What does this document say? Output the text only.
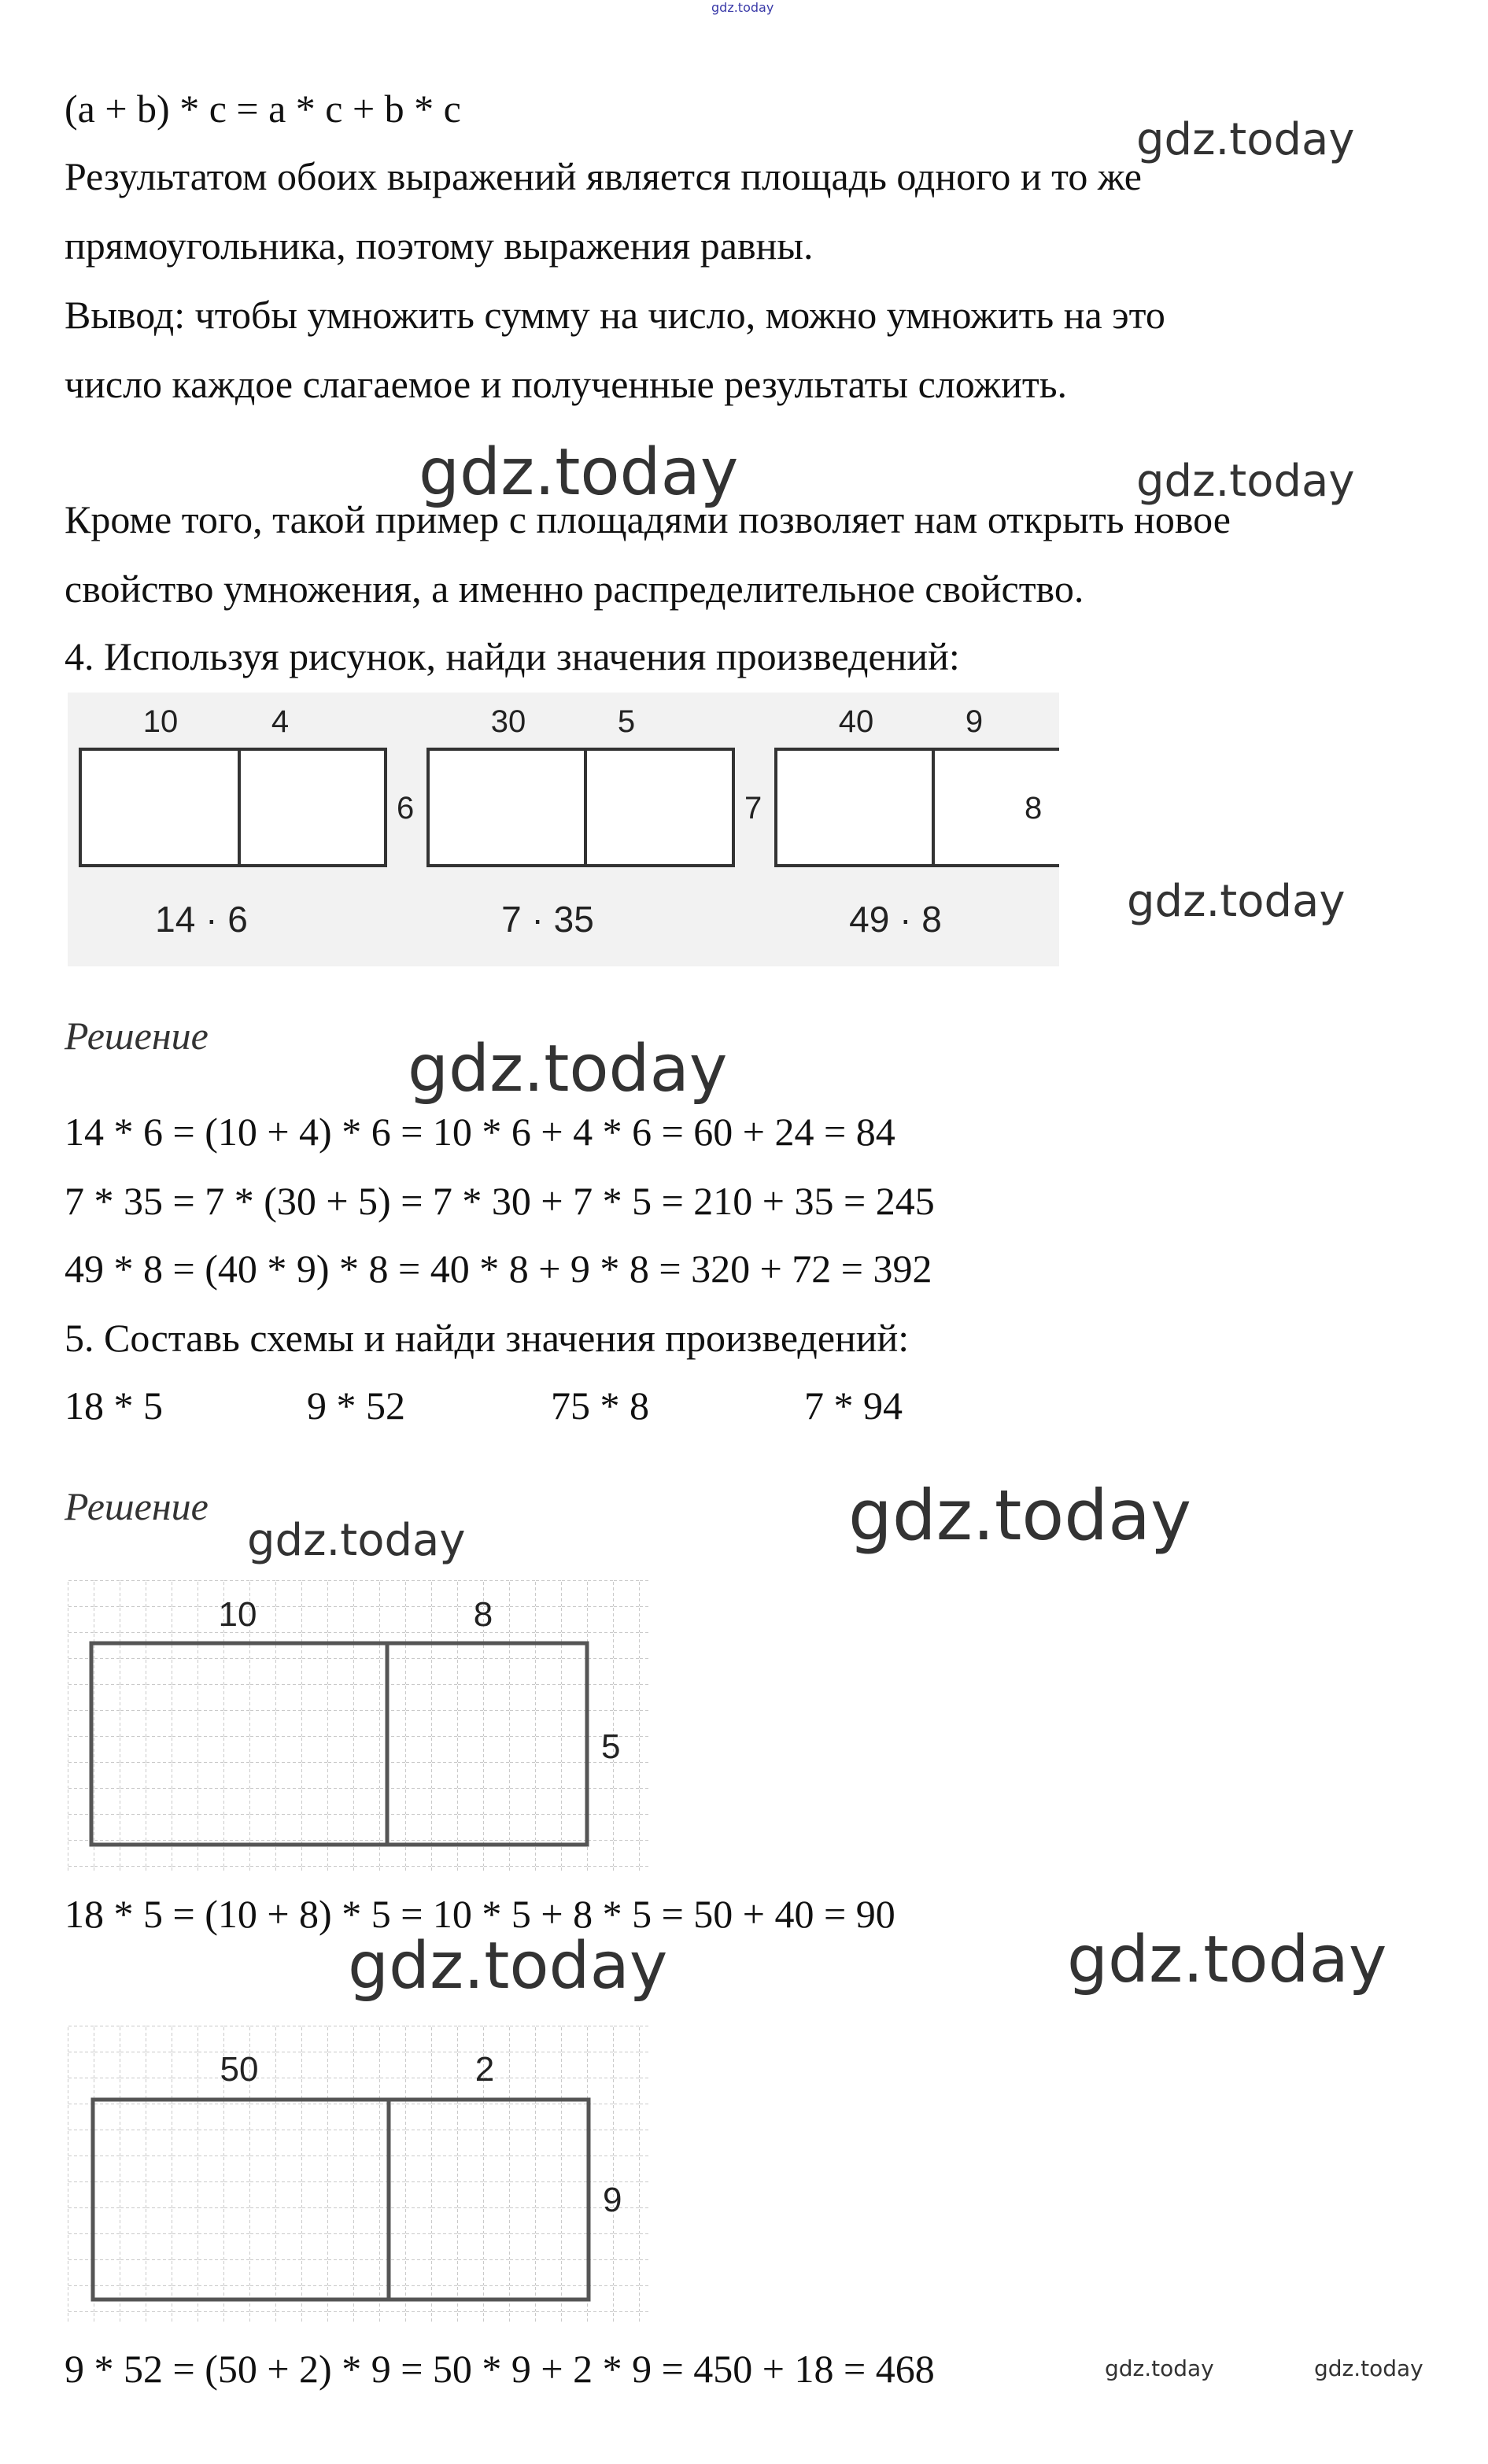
gdz.today
(a + b) * c = a * c + b * c
Результатом обоих выражений является площадь одного и то же
прямоугольника, поэтому выражения равны.
Вывод: чтобы умножить сумму на число, можно умножить на это
число каждое слагаемое и полученные результаты сложить.
Кроме того, такой пример с площадями позволяет нам открыть новое
свойство умножения, а именно распределительное свойство.
4. Используя рисунок, найди значения произведений:
gdz.today
gdz.today	gdz.today
10	4
6
14 · 6
30	5
7
7 · 35
40	9
8
49 · 8	gdz.today
Решение	gdz.today
14 * 6 = (10 + 4) * 6 = 10 * 6 + 4 * 6 = 60 + 24 = 84
7 * 35 = 7 * (30 + 5) = 7 * 30 + 7 * 5 = 210 + 35 = 245
49 * 8 = (40 * 9) * 8 = 40 * 8 + 9 * 8 = 320 + 72 = 392
5. Составь схемы и найди значения произведений:
18 * 5	9 * 52	75 * 8	7 * 94
Решение	gdz.today
gdz.today
10	8
5
18 * 5 = (10 + 8) * 5 = 10 * 5 + 8 * 5 = 50 + 40 = 90
gdz.today	gdz.today
50	2
9
9 * 52 = (50 + 2) * 9 = 50 * 9 + 2 * 9 = 450 + 18 = 468	gdz.today	gdz.today
